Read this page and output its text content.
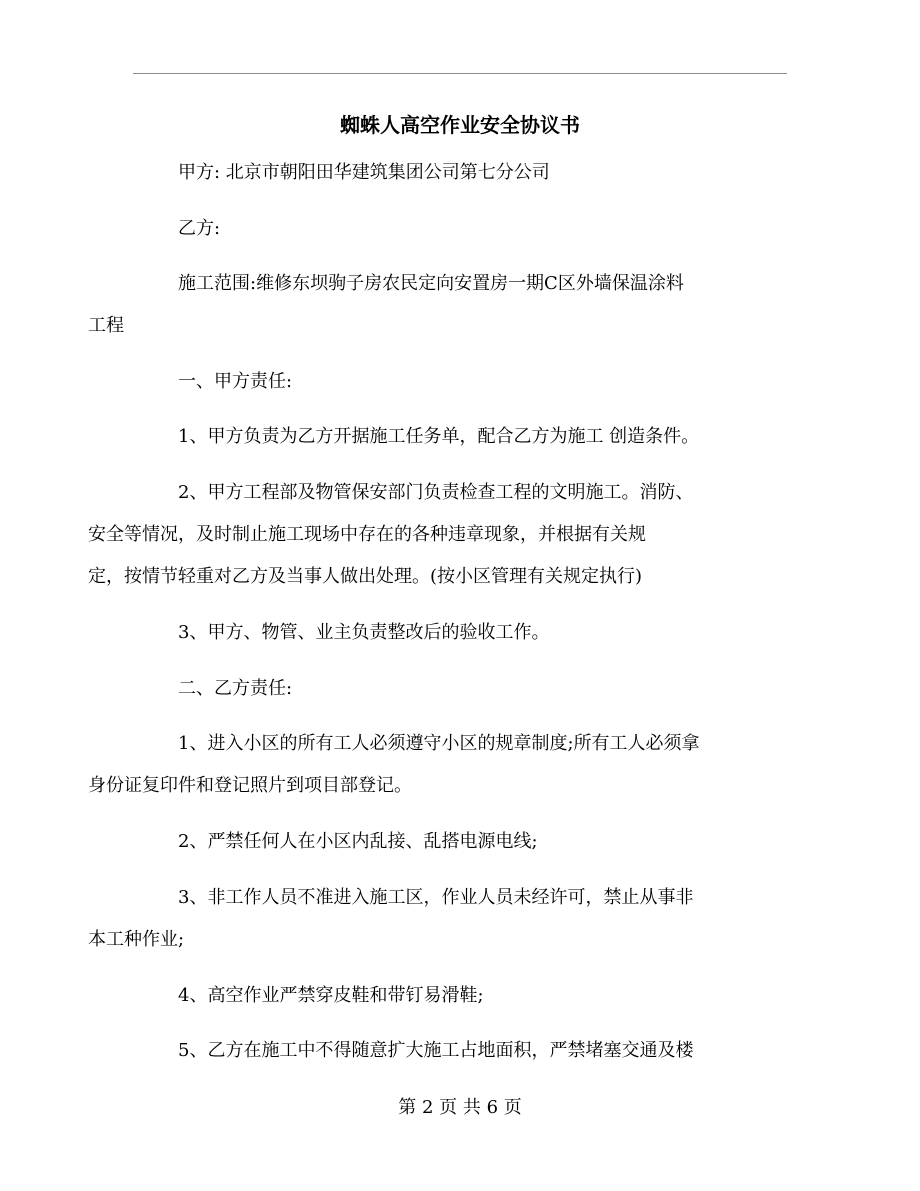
蜘蛛人高空作业安全协议书

甲方: 北京市朝阳田华建筑集团公司第七分公司

乙方:

施工范围:维修东坝驹子房农民定向安置房一期C区外墙保温涂料
工程

一、甲方责任:

1、甲方负责为乙方开据施工任务单，配合乙方为施工 创造条件。

2、甲方工程部及物管保安部门负责检查工程的文明施工。消防、
安全等情况，及时制止施工现场中存在的各种违章现象，并根据有关规
定，按情节轻重对乙方及当事人做出处理。(按小区管理有关规定执行)

3、甲方、物管、业主负责整改后的验收工作。

二、乙方责任:

1、进入小区的所有工人必须遵守小区的规章制度;所有工人必须拿
身份证复印件和登记照片到项目部登记。

2、严禁任何人在小区内乱接、乱搭电源电线;

3、非工作人员不准进入施工区，作业人员未经许可，禁止从事非
本工种作业;

4、高空作业严禁穿皮鞋和带钉易滑鞋;

5、乙方在施工中不得随意扩大施工占地面积，严禁堵塞交通及楼

第 2 页 共 6 页
